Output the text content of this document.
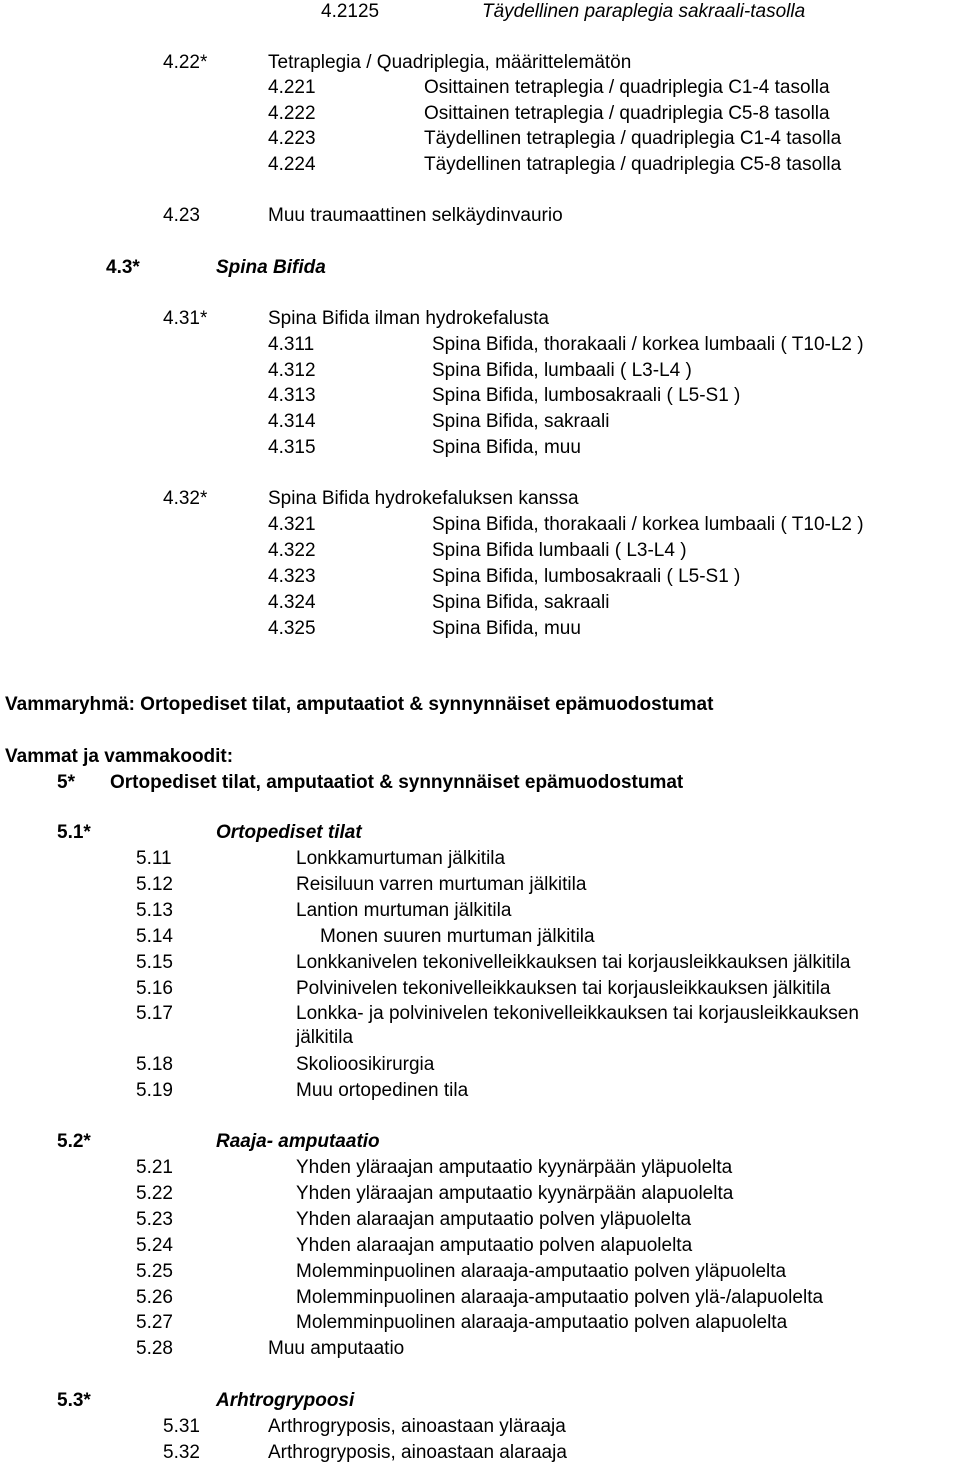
4.2125	Täydellinen paraplegia sakraali-tasolla
4.22*	Tetraplegia / Quadriplegia, määrittelemätön
4.221	Osittainen tetraplegia / quadriplegia C1-4 tasolla
4.222	Osittainen tetraplegia / quadriplegia C5-8 tasolla
4.223	Täydellinen tetraplegia / quadriplegia C1-4 tasolla
4.224	Täydellinen tatraplegia / quadriplegia C5-8 tasolla
4.23	Muu traumaattinen selkäydinvaurio
4.3*	Spina Bifida
4.31*	Spina Bifida ilman hydrokefalusta
4.311	Spina Bifida, thorakaali / korkea lumbaali ( T10-L2 )
4.312	Spina Bifida, lumbaali ( L3-L4 )
4.313	Spina Bifida, lumbosakraali ( L5-S1 )
4.314	Spina Bifida, sakraali
4.315	Spina Bifida, muu
4.32*	Spina Bifida hydrokefaluksen kanssa
4.321	Spina Bifida, thorakaali / korkea lumbaali ( T10-L2 )
4.322	Spina Bifida lumbaali ( L3-L4 )
4.323	Spina Bifida, lumbosakraali ( L5-S1 )
4.324	Spina Bifida, sakraali
4.325	Spina Bifida, muu
Vammaryhmä: Ortopediset tilat, amputaatiot & synnynnäiset epämuodostumat
Vammat ja vammakoodit:
5* Ortopediset tilat, amputaatiot & synnynnäiset epämuodostumat
5.1*	Ortopediset tilat
5.11	Lonkkamurtuman jälkitila
5.12	Reisiluun varren murtuman jälkitila
5.13	Lantion murtuman jälkitila
5.14	Monen suuren murtuman jälkitila
5.15	Lonkkanivelen tekonivelleikkauksen tai korjausleikkauksen jälkitila
5.16	Polvinivelen tekonivelleikkauksen tai korjausleikkauksen jälkitila
5.17	Lonkka- ja polvinivelen tekonivelleikkauksen tai korjausleikkauksen
jälkitila
5.18	Skolioosikirurgia
5.19	Muu ortopedinen tila
5.2*	Raaja- amputaatio
5.21	Yhden yläraajan amputaatio kyynärpään yläpuolelta
5.22	Yhden yläraajan amputaatio kyynärpään alapuolelta
5.23	Yhden alaraajan amputaatio polven yläpuolelta
5.24	Yhden alaraajan amputaatio polven alapuolelta
5.25	Molemminpuolinen alaraaja-amputaatio polven yläpuolelta
5.26	Molemminpuolinen alaraaja-amputaatio polven ylä-/alapuolelta
5.27	Molemminpuolinen alaraaja-amputaatio polven alapuolelta
5.28	Muu amputaatio
5.3*	Arhtrogrypoosi
5.31	Arthrogryposis, ainoastaan yläraaja
5.32	Arthrogryposis, ainoastaan alaraaja
